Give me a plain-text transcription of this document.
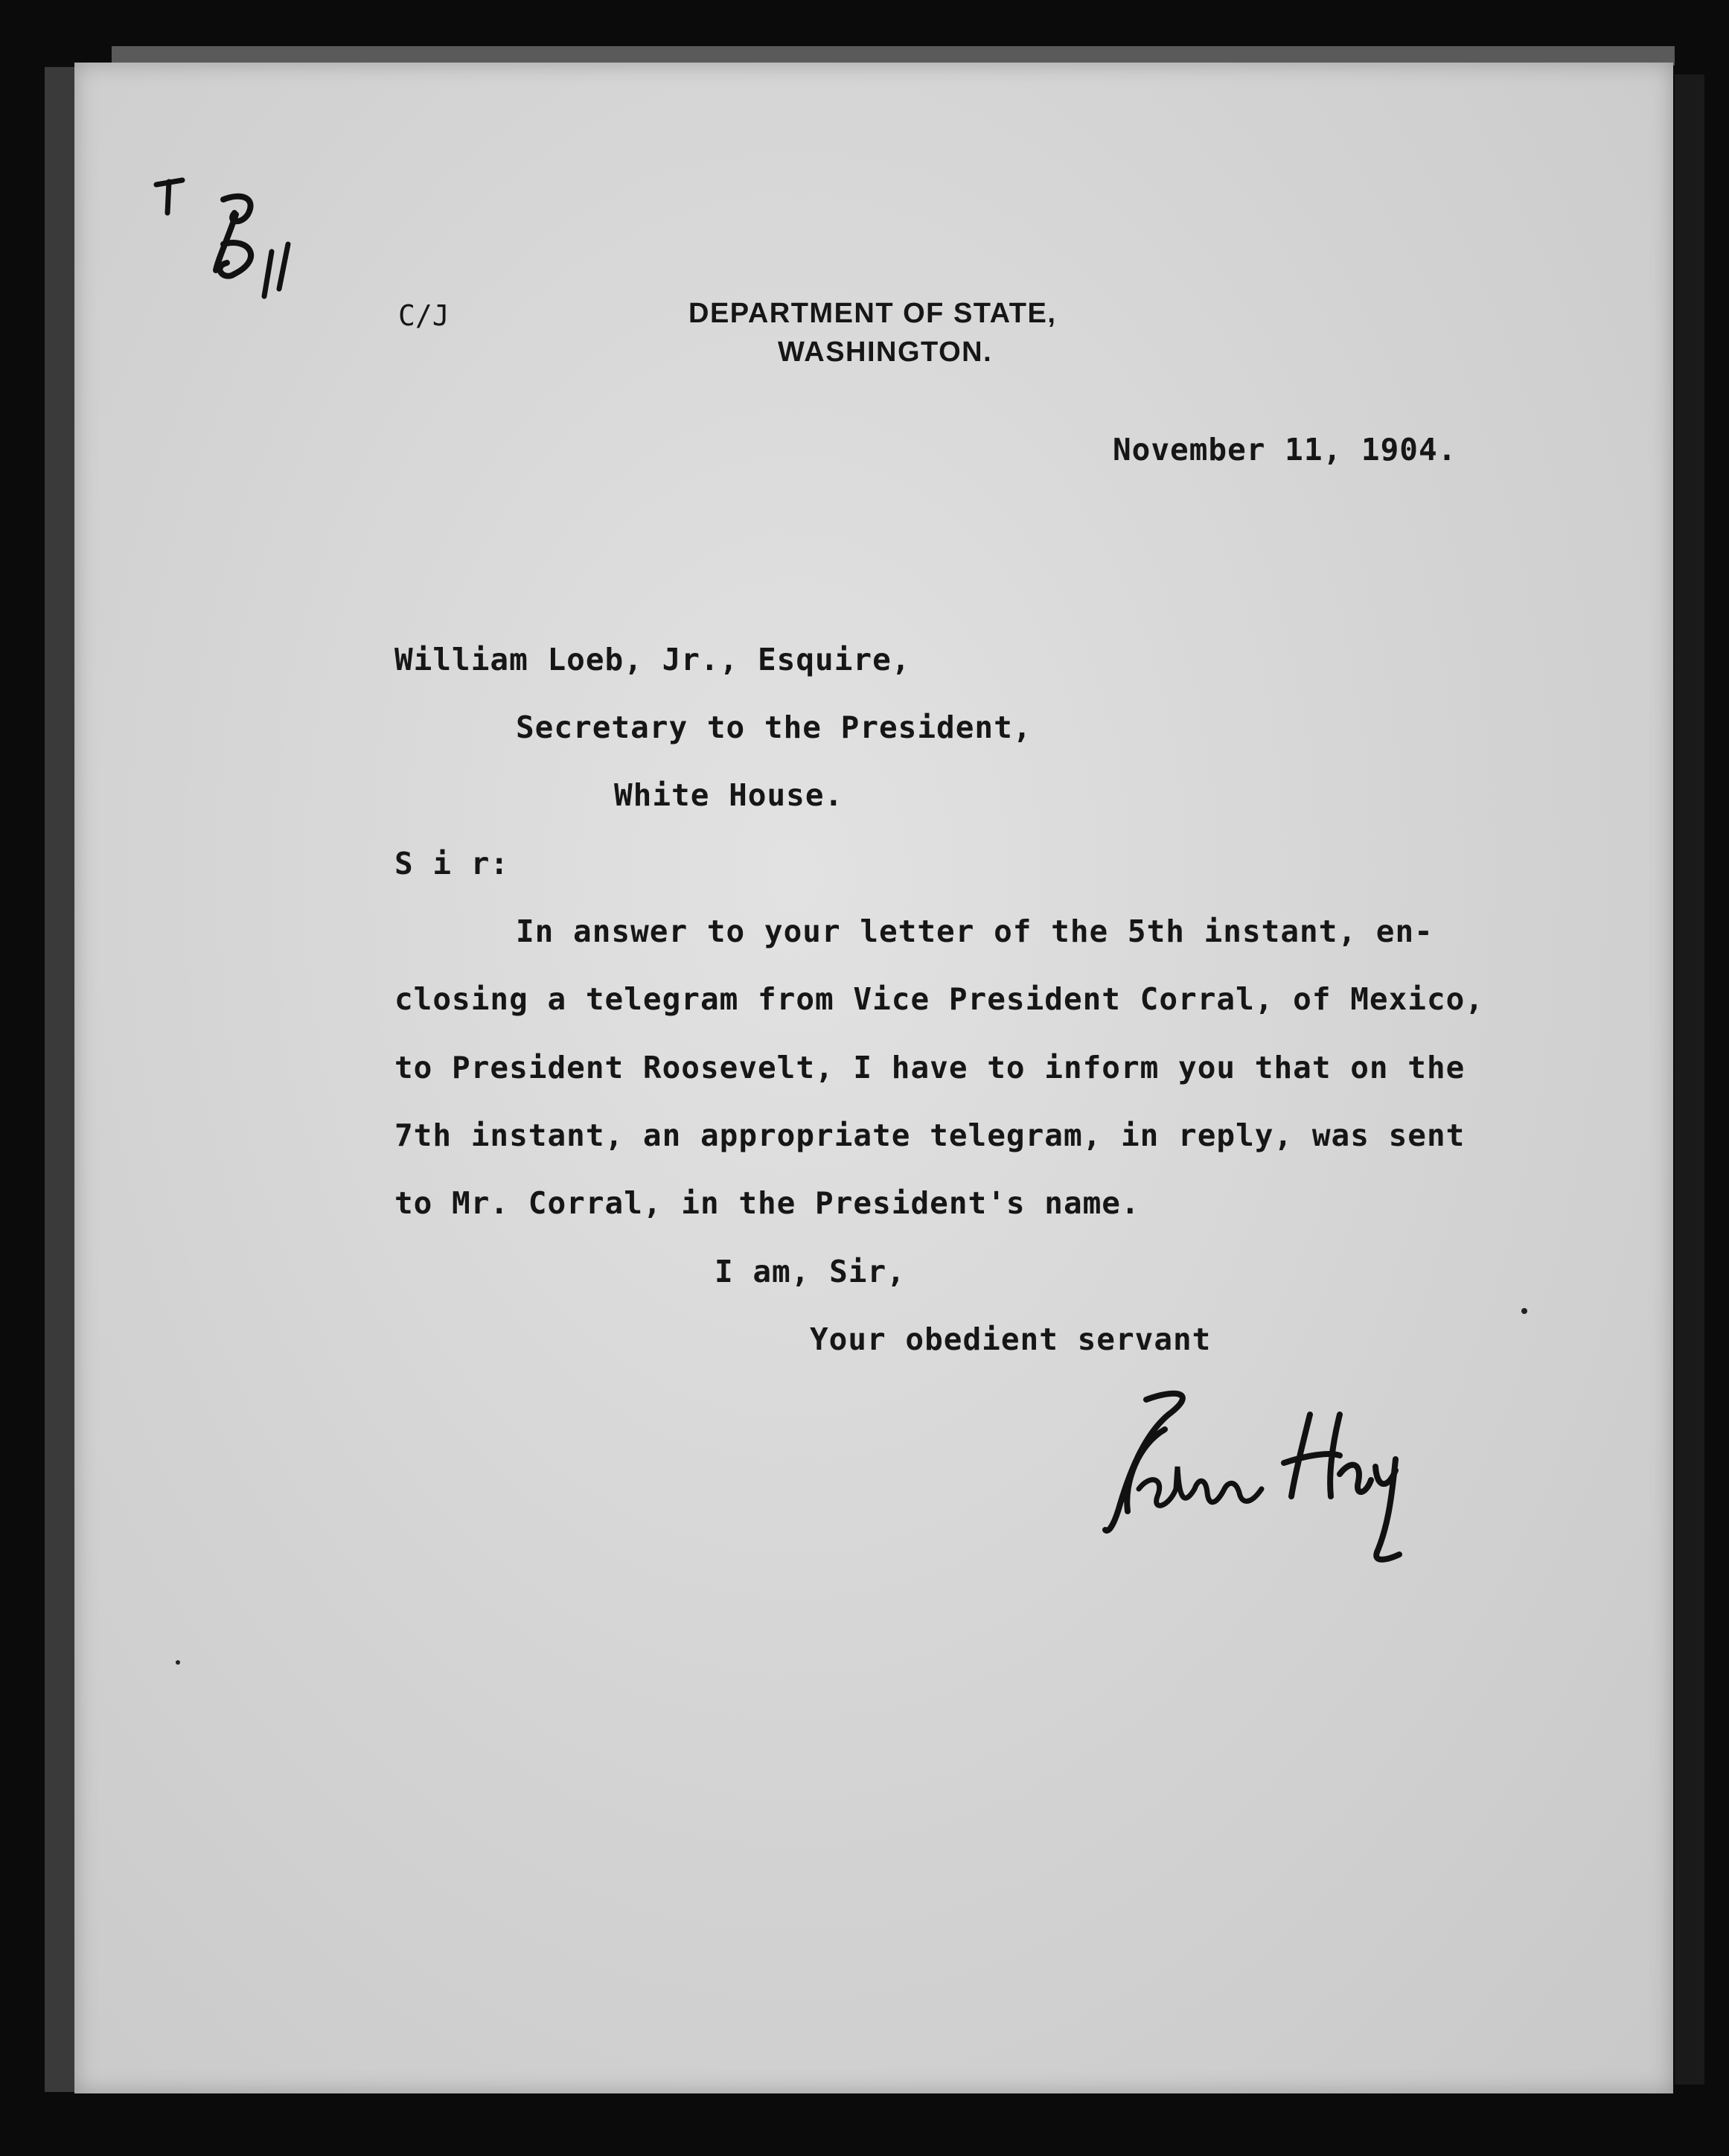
C/J	DEPARTMENT OF STATE,
WASHINGTON.
November 11, 1904.
William Loeb, Jr., Esquire,
Secretary to the President,
White House.
S i r:
In answer to your letter of the 5th instant, en-
closing a telegram from Vice President Corral, of Mexico,
to President Roosevelt, I have to inform you that on the
7th instant, an appropriate telegram, in reply, was sent
to Mr. Corral, in the President's name.
I am, Sir,
Your obedient servant
